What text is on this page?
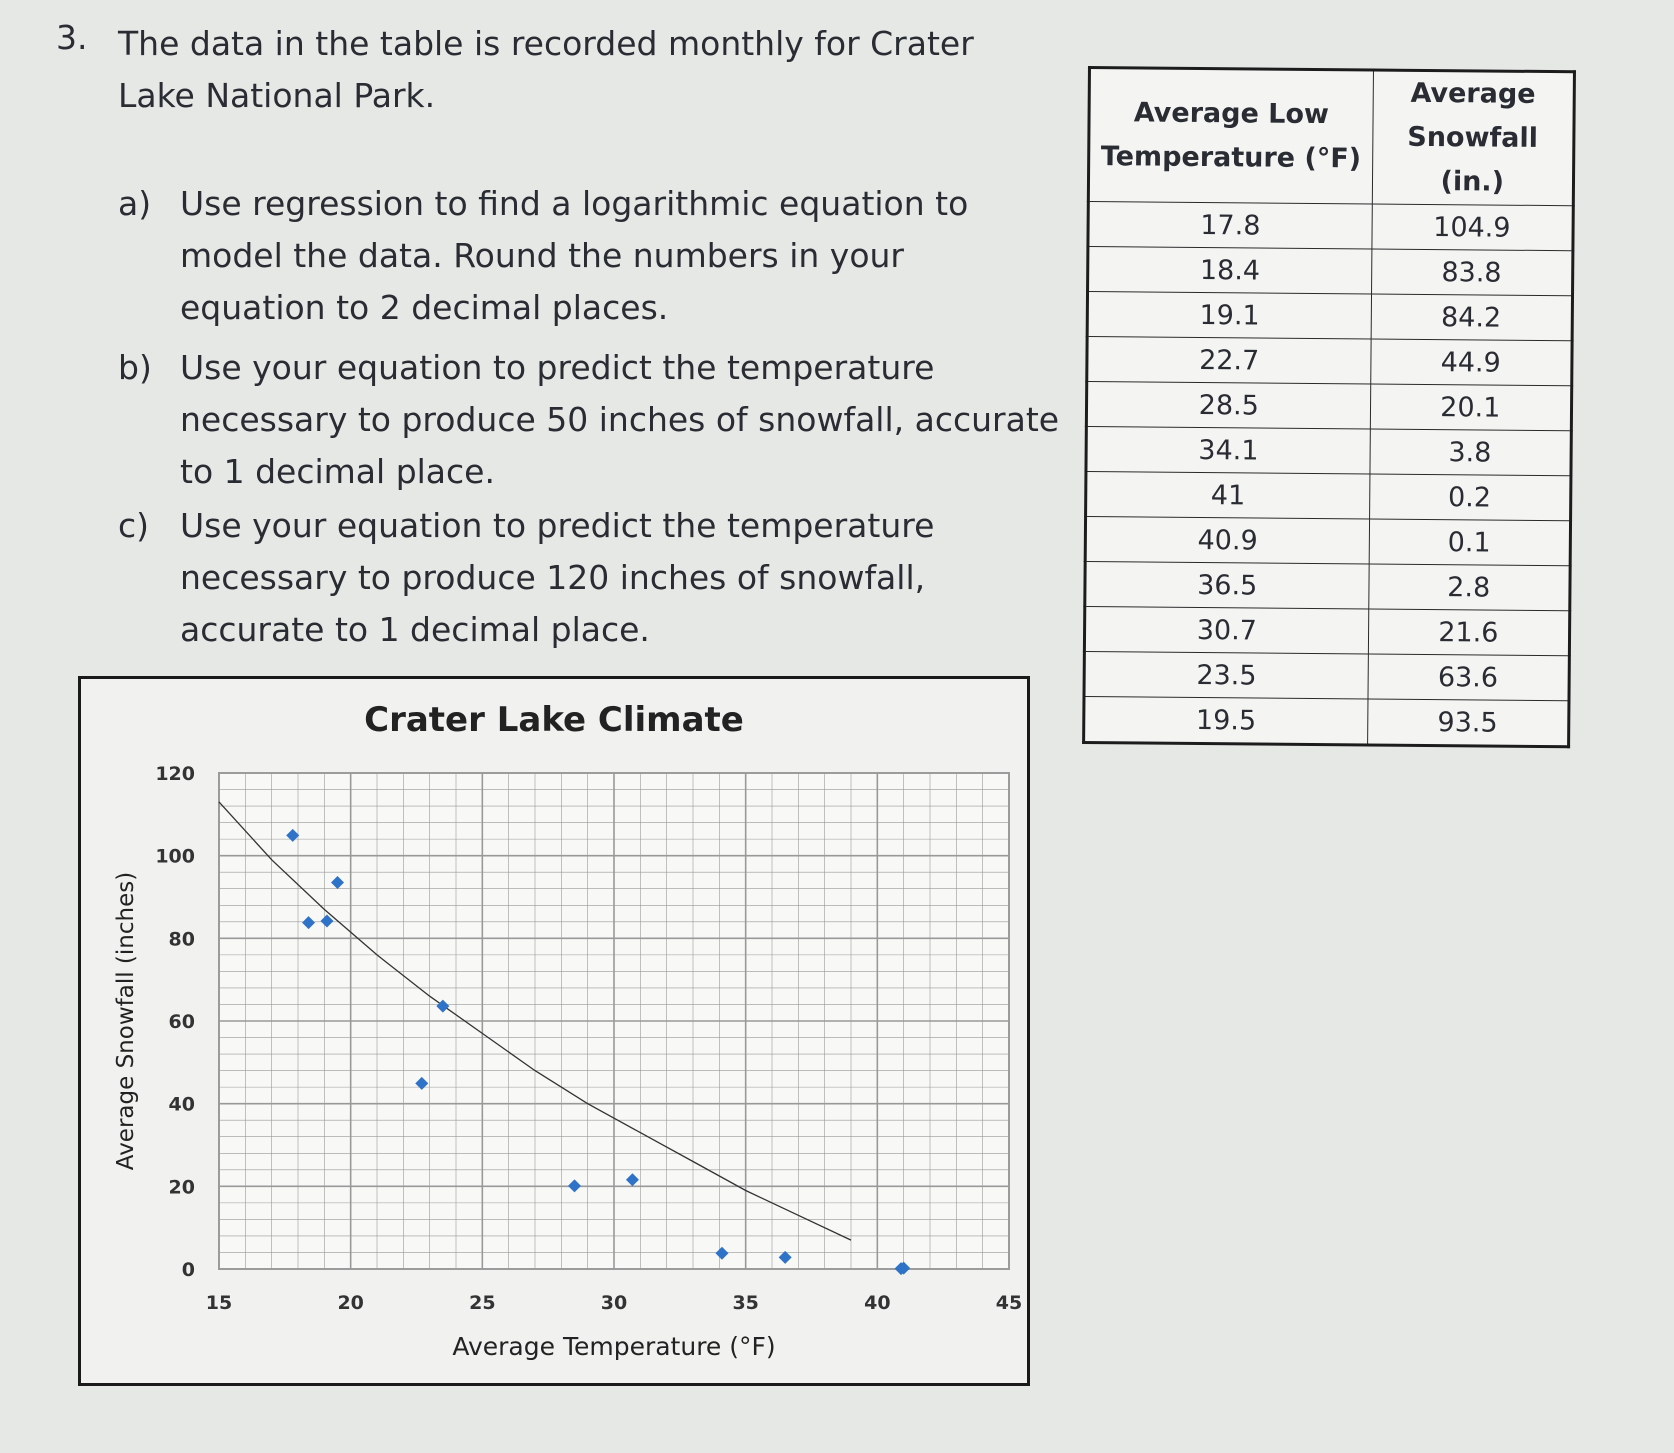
3. The data in the table is recorded monthly for Crater Lake National Park.
a) Use regression to find a logarithmic equation to model the data. Round the numbers in your equation to 2 decimal places.
b) Use your equation to predict the temperature necessary to produce 50 inches of snowfall, accurate to 1 decimal place.
c) Use your equation to predict the temperature necessary to produce 120 inches of snowfall, accurate to 1 decimal place.
Average Low Temperature (°F)	Average Snowfall (in.)
17.8	104.9
18.4	83.8
19.1	84.2
22.7	44.9
28.5	20.1
34.1	3.8
41	0.2
40.9	0.1
36.5	2.8
30.7	21.6
23.5	63.6
19.5	93.5
15	20	25	30	35	40	45
0
20
40
60
80
100
120
Crater Lake Climate
Average Temperature (°F)
Average Snowfall (inches)
